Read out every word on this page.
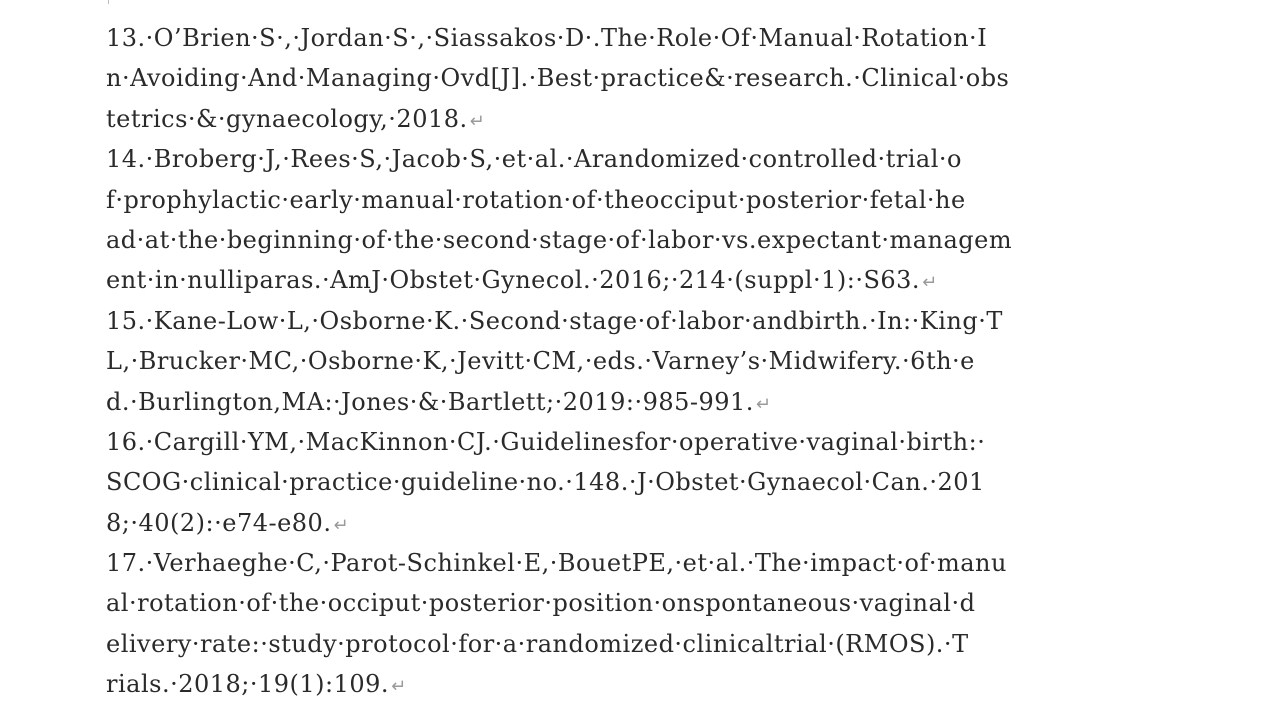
13.·O’Brien·S·,·Jordan·S·,·Siassakos·D·.The·Role·Of·Manual·Rotation·I
n·Avoiding·And·Managing·Ovd[J].·Best·practice&·research.·Clinical·obs
tetrics·&·gynaecology,·2018. ↵
14.·Broberg·J,·Rees·S,·Jacob·S,·et·al.·Arandomized·controlled·trial·o
f·prophylactic·early·manual·rotation·of·theocciput·posterior·fetal·he
ad·at·the·beginning·of·the·second·stage·of·labor·vs.expectant·managem
ent·in·nulliparas.·AmJ·Obstet·Gynecol.·2016;·214·(suppl·1):·S63. ↵
15.·Kane-Low·L,·Osborne·K.·Second·stage·of·labor·andbirth.·In:·King·T
L,·Brucker·MC,·Osborne·K,·Jevitt·CM,·eds.·Varney’s·Midwifery.·6th·e
d.·Burlington,MA:·Jones·&·Bartlett;·2019:·985-991. ↵
16.·Cargill·YM,·MacKinnon·CJ.·Guidelinesfor·operative·vaginal·birth:·
SCOG·clinical·practice·guideline·no.·148.·J·Obstet·Gynaecol·Can.·201
8;·40(2):·e74-e80. ↵
17.·Verhaeghe·C,·Parot-Schinkel·E,·BouetPE,·et·al.·The·impact·of·manu
al·rotation·of·the·occiput·posterior·position·onspontaneous·vaginal·d
elivery·rate:·study·protocol·for·a·randomized·clinicaltrial·(RMOS).·T
rials.·2018;·19(1):109. ↵
